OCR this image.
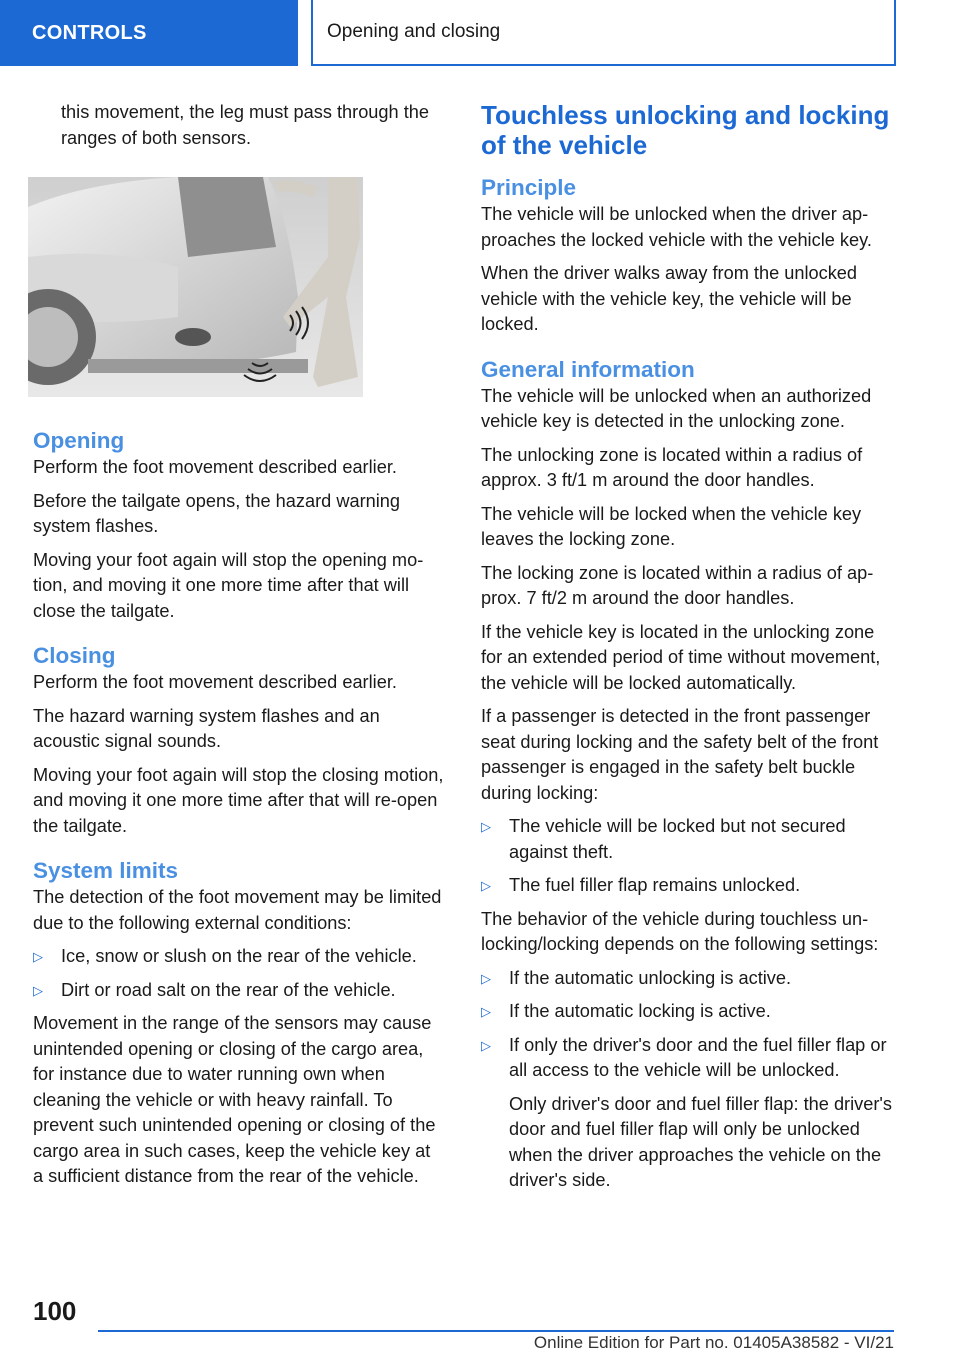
CONTROLS	Opening and closing

this movement, the leg must pass through the ranges of both sensors.

Opening

Perform the foot movement described earlier.

Before the tailgate opens, the hazard warning system flashes.

Moving your foot again will stop the opening motion, and moving it one more time after that will close the tailgate.

Closing

Perform the foot movement described earlier.

The hazard warning system flashes and an acoustic signal sounds.

Moving your foot again will stop the closing motion, and moving it one more time after that will re-open the tailgate.

System limits

The detection of the foot movement may be limited due to the following external conditions:

▷ Ice, snow or slush on the rear of the vehicle.
▷ Dirt or road salt on the rear of the vehicle.

Movement in the range of the sensors may cause unintended opening or closing of the cargo area, for instance due to water running own when cleaning the vehicle or with heavy rainfall. To prevent such unintended opening or closing of the cargo area in such cases, keep the vehicle key at a sufficient distance from the rear of the vehicle.

Touchless unlocking and locking of the vehicle
Principle

The vehicle will be unlocked when the driver approaches the locked vehicle with the vehicle key.

When the driver walks away from the unlocked vehicle with the vehicle key, the vehicle will be locked.

General information

The vehicle will be unlocked when an authorized vehicle key is detected in the unlocking zone.

The unlocking zone is located within a radius of approx. 3 ft/1 m around the door handles.

The vehicle will be locked when the vehicle key leaves the locking zone.

The locking zone is located within a radius of approx. 7 ft/2 m around the door handles.

If the vehicle key is located in the unlocking zone for an extended period of time without movement, the vehicle will be locked automatically.

If a passenger is detected in the front passenger seat during locking and the safety belt of the front passenger is engaged in the safety belt buckle during locking:

▷ The vehicle will be locked but not secured against theft.
▷ The fuel filler flap remains unlocked.

The behavior of the vehicle during touchless unlocking/locking depends on the following settings:

▷ If the automatic unlocking is active.
▷ If the automatic locking is active.
▷ If only the driver's door and the fuel filler flap or all access to the vehicle will be unlocked.

Only driver's door and fuel filler flap: the driver's door and fuel filler flap will only be unlocked when the driver approaches the vehicle on the driver's side.

100
Online Edition for Part no. 01405A38582 - VI/21
